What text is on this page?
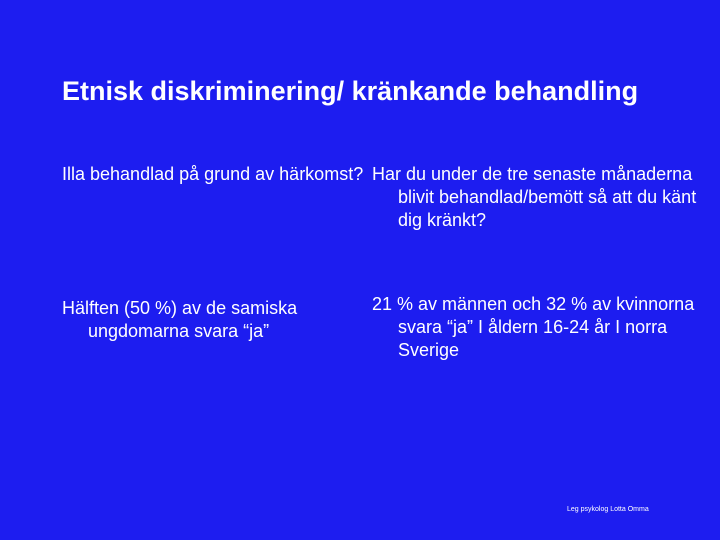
Etnisk diskriminering/ kränkande behandling
Illa behandlad på grund av härkomst? Har du under de tre senaste månaderna blivit behandlad/bemött så att du känt dig kränkt?
Hälften (50 %) av de samiska ungdomarna svara “ja”
21 % av männen och 32 % av kvinnorna svara “ja” I åldern 16-24 år I norra Sverige
Leg psykolog Lotta Omma
